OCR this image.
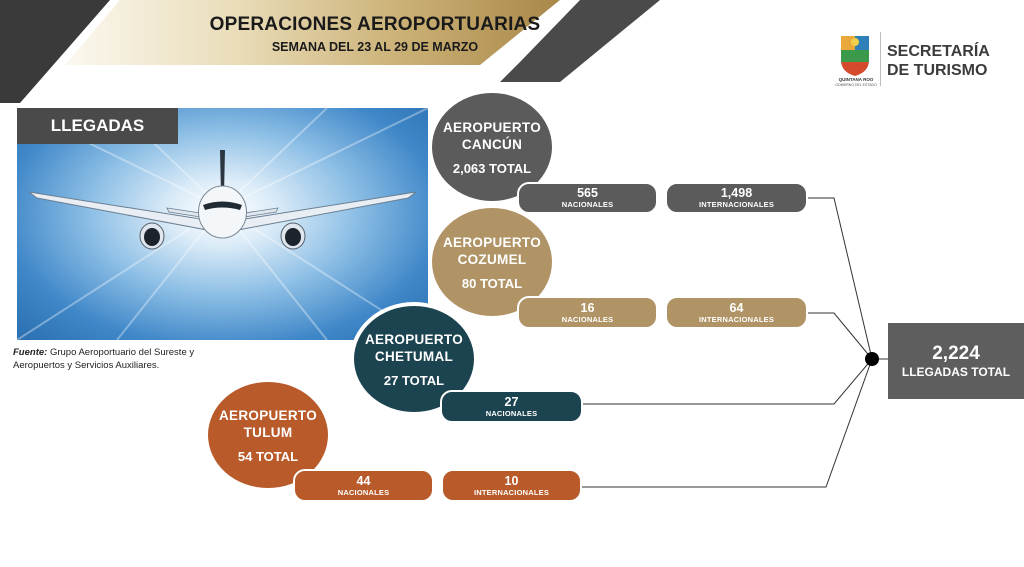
OPERACIONES AEROPORTUARIAS
SEMANA DEL 23 AL 29 DE MARZO
QUINTANA ROO
GOBIERNO DEL ESTADO
SECRETARÍA
DE TURISMO
LLEGADAS
Fuente: Grupo Aeroportuario del Sureste y
Aeropuertos y Servicios Auxiliares.
AEROPUERTO
CANCÚN
2,063 TOTAL
565
NACIONALES
1,498
INTERNACIONALES
AEROPUERTO
COZUMEL
80 TOTAL
16
NACIONALES
64
INTERNACIONALES
AEROPUERTO
CHETUMAL
27 TOTAL
27
NACIONALES
AEROPUERTO
TULUM
54 TOTAL
44
NACIONALES
10
INTERNACIONALES
2,224
LLEGADAS TOTAL
